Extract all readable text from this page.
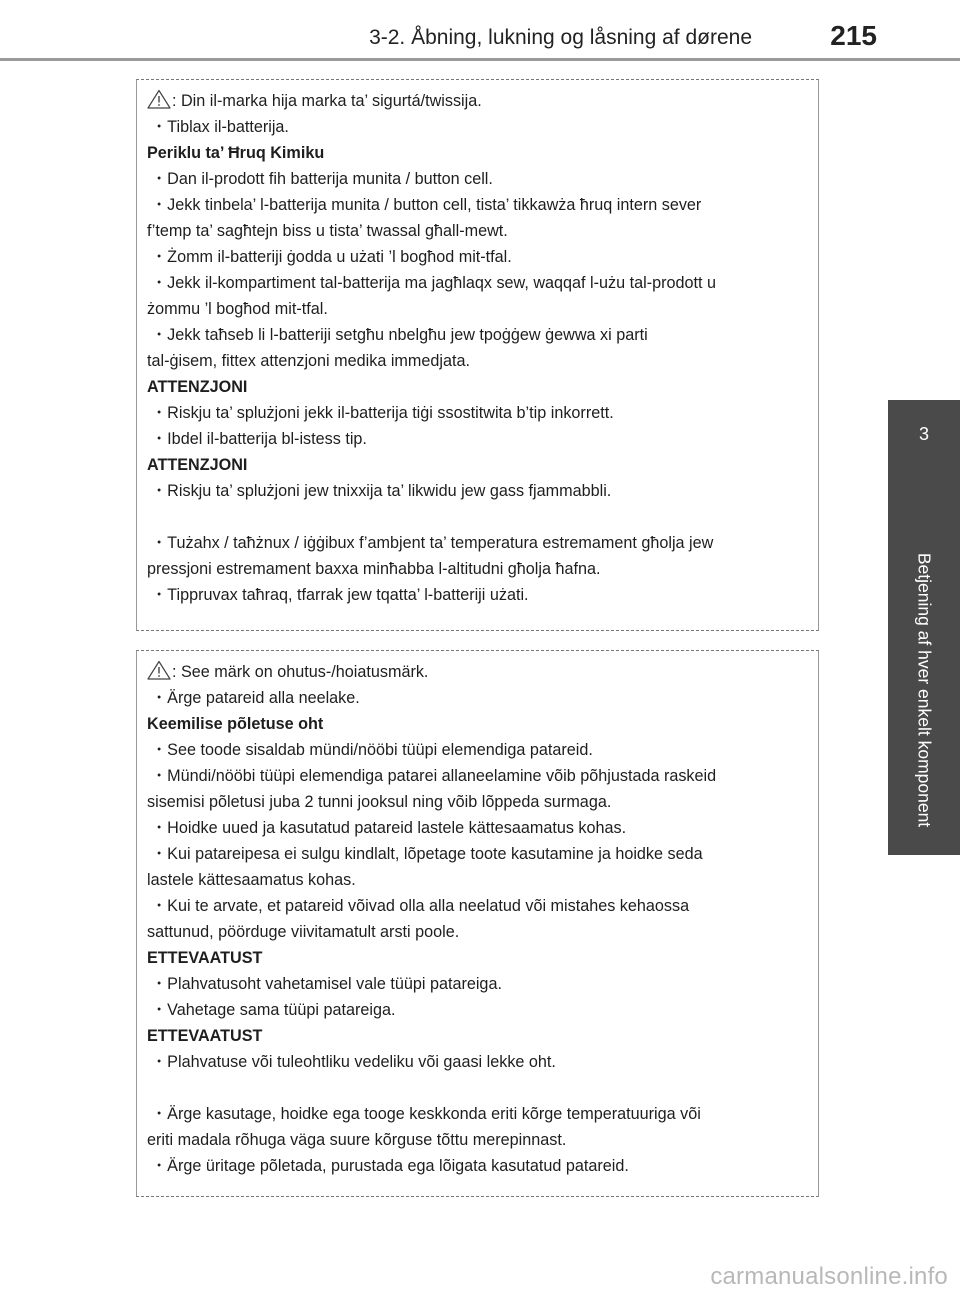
3-2. Åbning, lukning og låsning af dørene	215
3
Betjening af hver enkelt komponent
: Din il-marka hija marka ta’ sigurtá/twissija.
・Tiblax il-batterija.
Periklu ta’ Ħruq Kimiku
・Dan il-prodott fih batterija munita / button cell.
・Jekk tinbela’ l-batterija munita / button cell, tista’ tikkawża ħruq intern sever
f’temp ta’ sagħtejn biss u tista’ twassal għall-mewt.
・Żomm il-batteriji ġodda u użati ’l bogħod mit-tfal.
・Jekk il-kompartiment tal-batterija ma jagħlaqx sew, waqqaf l-użu tal-prodott u
żommu ’l bogħod mit-tfal.
・Jekk taħseb li l-batteriji setgħu nbelgħu jew tpoġġew ġewwa xi parti
tal-ġisem, fittex attenzjoni medika immedjata.
ATTENZJONI
・Riskju ta’ splużjoni jekk il-batterija tiġi ssostitwita b’tip inkorrett.
・Ibdel il-batterija bl-istess tip.
ATTENZJONI
・Riskju ta’ splużjoni jew tnixxija ta’ likwidu jew gass fjammabbli.
・Tużahx / taħżnux / iġġibux f’ambjent ta’ temperatura estremament għolja jew
pressjoni estremament baxxa minħabba l-altitudni għolja ħafna.
・Tippruvax taħraq, tfarrak jew tqatta’ l-batteriji użati.
: See märk on ohutus-/hoiatusmärk.
・Ärge patareid alla neelake.
Keemilise põletuse oht
・See toode sisaldab mündi/nööbi tüüpi elemendiga patareid.
・Mündi/nööbi tüüpi elemendiga patarei allaneelamine võib põhjustada raskeid
sisemisi põletusi juba 2 tunni jooksul ning võib lõppeda surmaga.
・Hoidke uued ja kasutatud patareid lastele kättesaamatus kohas.
・Kui patareipesa ei sulgu kindlalt, lõpetage toote kasutamine ja hoidke seda
lastele kättesaamatus kohas.
・Kui te arvate, et patareid võivad olla alla neelatud või mistahes kehaossa
sattunud, pöörduge viivitamatult arsti poole.
ETTEVAATUST
・Plahvatusoht vahetamisel vale tüüpi patareiga.
・Vahetage sama tüüpi patareiga.
ETTEVAATUST
・Plahvatuse või tuleohtliku vedeliku või gaasi lekke oht.
・Ärge kasutage, hoidke ega tooge keskkonda eriti kõrge temperatuuriga või
eriti madala rõhuga väga suure kõrguse tõttu merepinnast.
・Ärge üritage põletada, purustada ega lõigata kasutatud patareid.
carmanualsonline.info
